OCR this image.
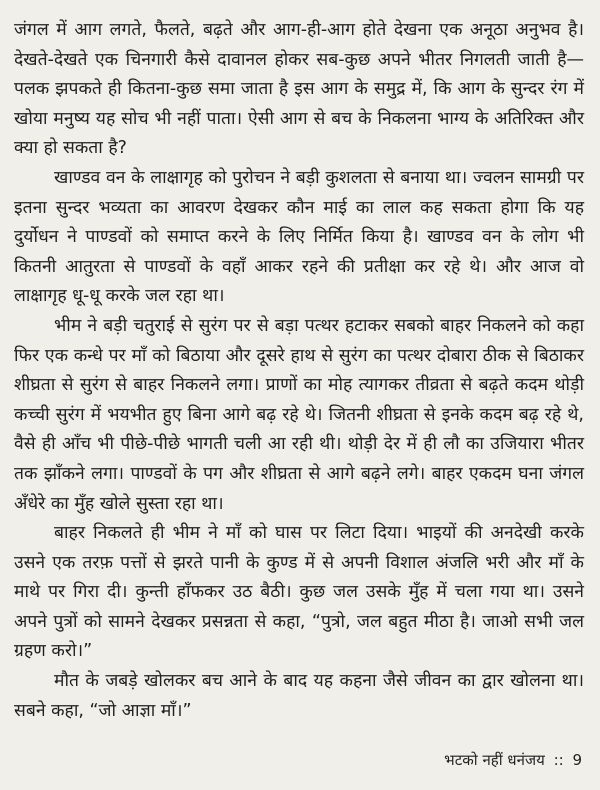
जंगल में आग लगते, फैलते, बढ़ते और आग-ही-आग होते देखना एक अनूठा अनुभव है। देखते-देखते एक चिनगारी कैसे दावानल होकर सब-कुछ अपने भीतर निगलती जाती है—पलक झपकते ही कितना-कुछ समा जाता है इस आग के समुद्र में, कि आग के सुन्दर रंग में खोया मनुष्य यह सोच भी नहीं पाता। ऐसी आग से बच के निकलना भाग्य के अतिरिक्त और क्या हो सकता है?

खाण्डव वन के लाक्षागृह को पुरोचन ने बड़ी कुशलता से बनाया था। ज्वलन सामग्री पर इतना सुन्दर भव्यता का आवरण देखकर कौन माई का लाल कह सकता होगा कि यह दुर्योधन ने पाण्डवों को समाप्त करने के लिए निर्मित किया है। खाण्डव वन के लोग भी कितनी आतुरता से पाण्डवों के वहाँ आकर रहने की प्रतीक्षा कर रहे थे। और आज वो लाक्षागृह धू-धू करके जल रहा था।

भीम ने बड़ी चतुराई से सुरंग पर से बड़ा पत्थर हटाकर सबको बाहर निकलने को कहा फिर एक कन्धे पर माँ को बिठाया और दूसरे हाथ से सुरंग का पत्थर दोबारा ठीक से बिठाकर शीघ्रता से सुरंग से बाहर निकलने लगा। प्राणों का मोह त्यागकर तीव्रता से बढ़ते कदम थोड़ी कच्ची सुरंग में भयभीत हुए बिना आगे बढ़ रहे थे। जितनी शीघ्रता से इनके कदम बढ़ रहे थे, वैसे ही आँच भी पीछे-पीछे भागती चली आ रही थी। थोड़ी देर में ही लौ का उजियारा भीतर तक झाँकने लगा। पाण्डवों के पग और शीघ्रता से आगे बढ़ने लगे। बाहर एकदम घना जंगल अँधेरे का मुँह खोले सुस्ता रहा था।

बाहर निकलते ही भीम ने माँ को घास पर लिटा दिया। भाइयों की अनदेखी करके उसने एक तरफ़ पत्तों से झरते पानी के कुण्ड में से अपनी विशाल अंजलि भरी और माँ के माथे पर गिरा दी। कुन्ती हाँफकर उठ बैठी। कुछ जल उसके मुँह में चला गया था। उसने अपने पुत्रों को सामने देखकर प्रसन्नता से कहा, “पुत्रो, जल बहुत मीठा है। जाओ सभी जल ग्रहण करो।”

मौत के जबड़े खोलकर बच आने के बाद यह कहना जैसे जीवन का द्वार खोलना था। सबने कहा, “जो आज्ञा माँ।”

भटको नहीं धनंजय :: 9
